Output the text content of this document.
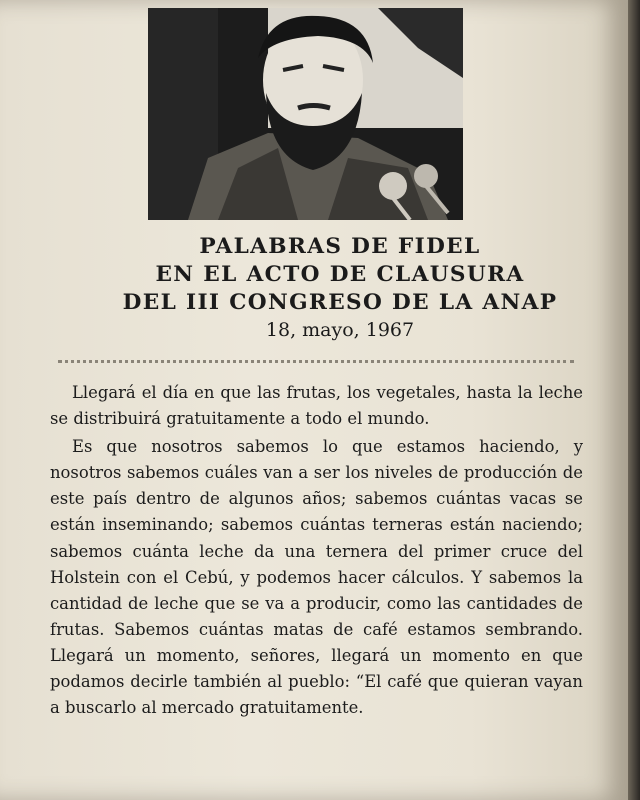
PALABRAS DE FIDEL
EN EL ACTO DE CLAUSURA
DEL III CONGRESO DE LA ANAP
18, mayo, 1967

Llegará el día en que las frutas, los vegetales, hasta la leche se distribuirá gratuitamente a todo el mundo.

Es que nosotros sabemos lo que estamos haciendo, y nosotros sabemos cuáles van a ser los niveles de producción de este país dentro de algunos años; sabemos cuántas vacas se están inseminando; sabemos cuántas terneras están naciendo; sabemos cuánta leche da una ternera del primer cruce del Holstein con el Cebú, y podemos hacer cálculos. Y sabemos la cantidad de leche que se va a producir, como las cantidades de frutas. Sabemos cuántas matas de café estamos sembrando. Llegará un momento, señores, llegará un momento en que podamos decirle también al pueblo: “El café que quieran vayan a buscarlo al mercado gratuitamente.
